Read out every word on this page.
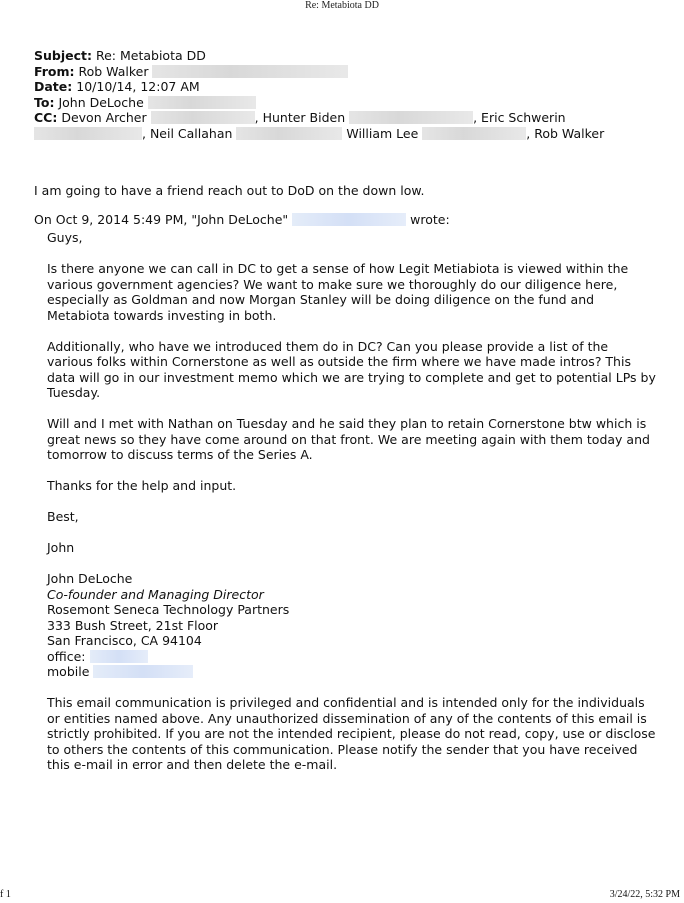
Re: Metabiota DD
Subject: Re: Metabiota DD
From: Rob Walker
Date: 10/10/14, 12:07 AM
To: John DeLoche
CC: Devon Archer	, Hunter Biden	, Eric Schwerin
, Neil Callahan	William Lee	, Rob Walker
I am going to have a friend reach out to DoD on the down low.
On Oct 9, 2014 5:49 PM, "John DeLoche"	wrote:

Guys,

Is there anyone we can call in DC to get a sense of how Legit Metiabiota is viewed within the various government agencies? We want to make sure we thoroughly do our diligence here, especially as Goldman and now Morgan Stanley will be doing diligence on the fund and Metabiota towards investing in both.

Additionally, who have we introduced them do in DC? Can you please provide a list of the various folks within Cornerstone as well as outside the firm where we have made intros? This data will go in our investment memo which we are trying to complete and get to potential LPs by Tuesday.

Will and I met with Nathan on Tuesday and he said they plan to retain Cornerstone btw which is great news so they have come around on that front. We are meeting again with them today and tomorrow to discuss terms of the Series A.

Thanks for the help and input.

Best,

John

John DeLoche
Co-founder and Managing Director
Rosemont Seneca Technology Partners
333 Bush Street, 21st Floor
San Francisco, CA 94104
office:
mobile

This email communication is privileged and confidential and is intended only for the individuals or entities named above. Any unauthorized dissemination of any of the contents of this email is strictly prohibited. If you are not the intended recipient, please do not read, copy, use or disclose to others the contents of this communication. Please notify the sender that you have received this e-mail in error and then delete the e-mail.

f 1	3/24/22, 5:32 PM
